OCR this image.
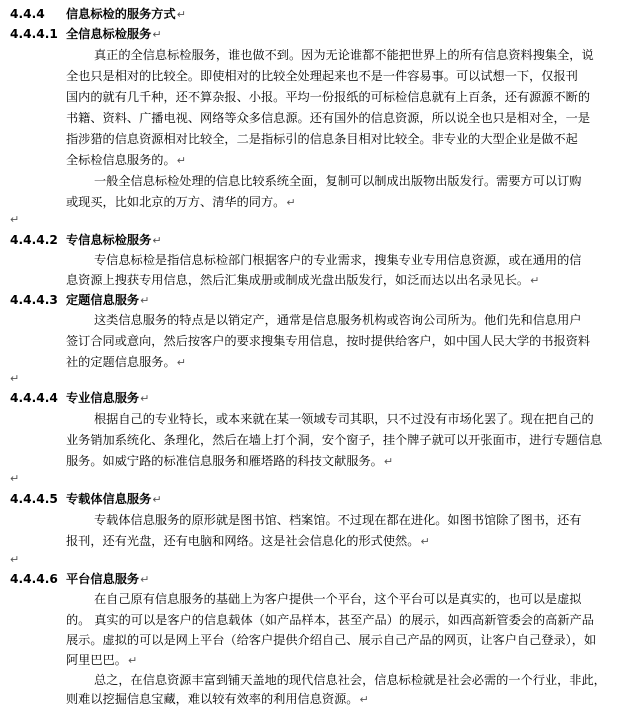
4.4.4 信息标检的服务方式↵
4.4.4.1 全信息标检服务↵
真正的全信息标检服务，谁也做不到。因为无论谁都不能把世界上的所有信息资料搜集全，说
全也只是相对的比较全。即使相对的比较全处理起来也不是一件容易事。可以试想一下，仅报刊
国内的就有几千种，还不算杂报、小报。平均一份报纸的可标检信息就有上百条，还有源源不断的
书籍、资料、广播电视、网络等众多信息源。还有国外的信息资源，所以说全也只是相对全，一是
指涉猎的信息资源相对比较全，二是指标引的信息条目相对比较全。非专业的大型企业是做不起
全标检信息服务的。↵
一般全信息标检处理的信息比较系统全面，复制可以制成出版物出版发行。需要方可以订购
或现买，比如北京的万方、清华的同方。↵
↵
4.4.4.2 专信息标检服务↵
专信息标检是指信息标检部门根据客户的专业需求，搜集专业专用信息资源，或在通用的信
息资源上搜获专用信息，然后汇集成册或制成光盘出版发行，如泛而达以出名录见长。↵
4.4.4.3 定题信息服务↵
这类信息服务的特点是以销定产，通常是信息服务机构或咨询公司所为。他们先和信息用户
签订合同或意向，然后按客户的要求搜集专用信息，按时提供给客户，如中国人民大学的书报资料
社的定题信息服务。↵
↵
4.4.4.4 专业信息服务↵
根据自己的专业特长，或本来就在某一领域专司其职，只不过没有市场化罢了。现在把自己的
业务销加系统化、条理化，然后在墙上打个洞，安个窗子，挂个牌子就可以开张面市，进行专题信息
服务。如威宁路的标准信息服务和雁塔路的科技文献服务。↵
↵
4.4.4.5 专载体信息服务↵
专载体信息服务的原形就是图书馆、档案馆。不过现在都在进化。如图书馆除了图书，还有
报刊，还有光盘，还有电脑和网络。这是社会信息化的形式使然。↵
↵
4.4.4.6 平台信息服务↵
在自己原有信息服务的基础上为客户提供一个平台，这个平台可以是真实的，也可以是虚拟
的。 真实的可以是客户的信息载体（如产品样本，甚至产品）的展示，如西高新管委会的高新产品
展示。虚拟的可以是网上平台（给客户提供介绍自己、展示自己产品的网页，让客户自己登录），如
阿里巴巴。↵
总之，在信息资源丰富到铺天盖地的现代信息社会，信息标检就是社会必需的一个行业，非此，
则难以挖掘信息宝藏，难以较有效率的利用信息资源。↵
